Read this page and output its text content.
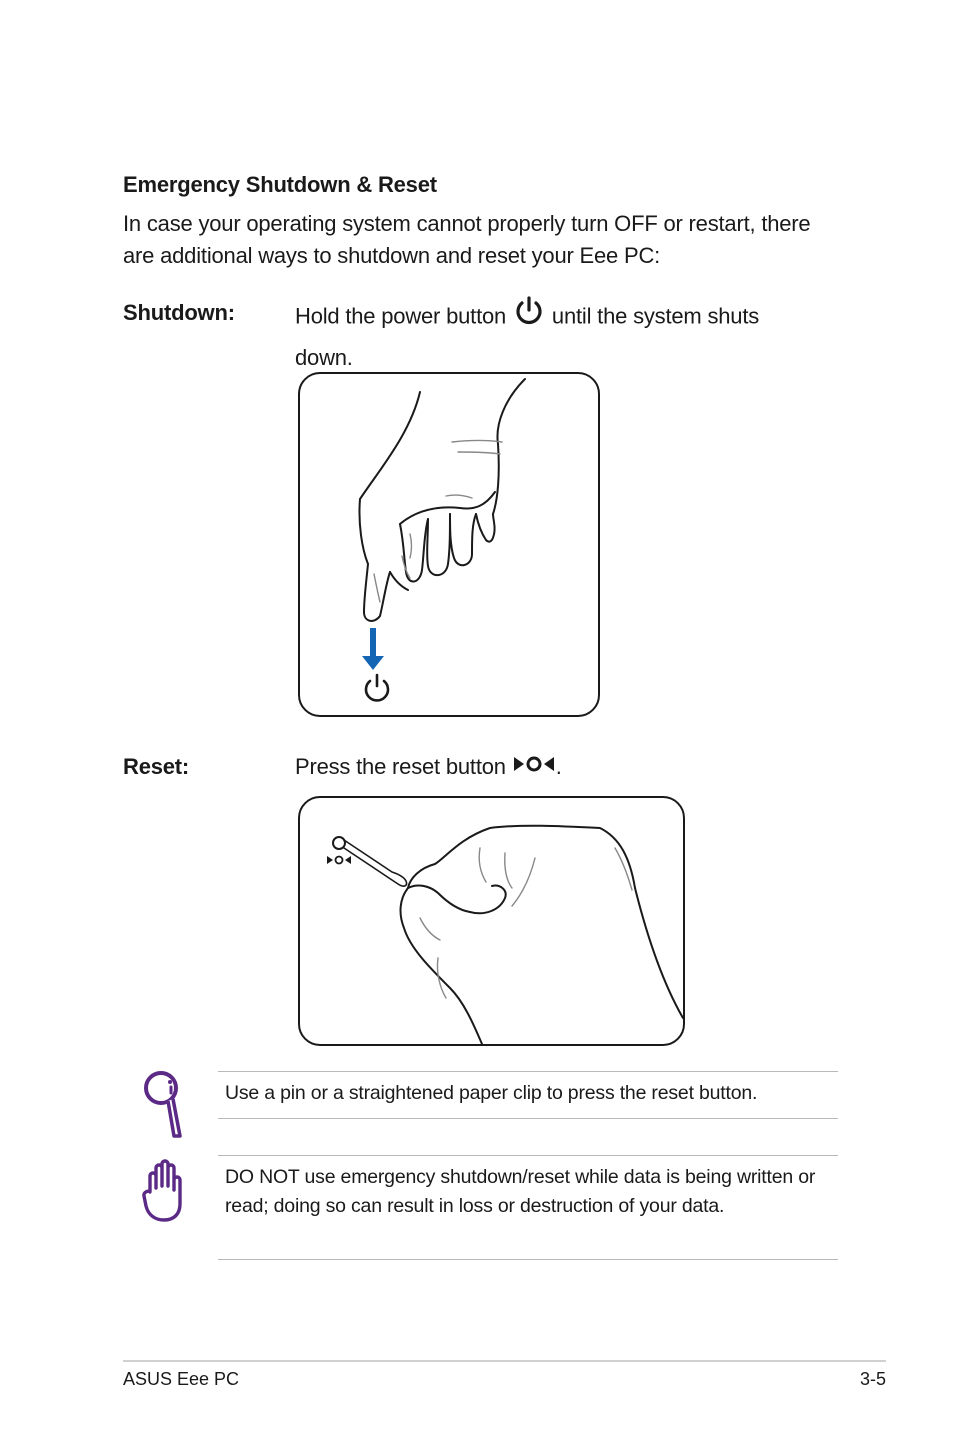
Emergency Shutdown & Reset
In case your operating system cannot properly turn OFF or restart, there are additional ways to shutdown and reset your Eee PC:
Shutdown:	Hold the power button until the system shuts
down.
Reset:	Press the reset button .
Use a pin or a straightened paper clip to press the reset button.
DO NOT use emergency shutdown/reset while data is being written or read; doing so can result in loss or destruction of your data.
ASUS Eee PC	3-5
